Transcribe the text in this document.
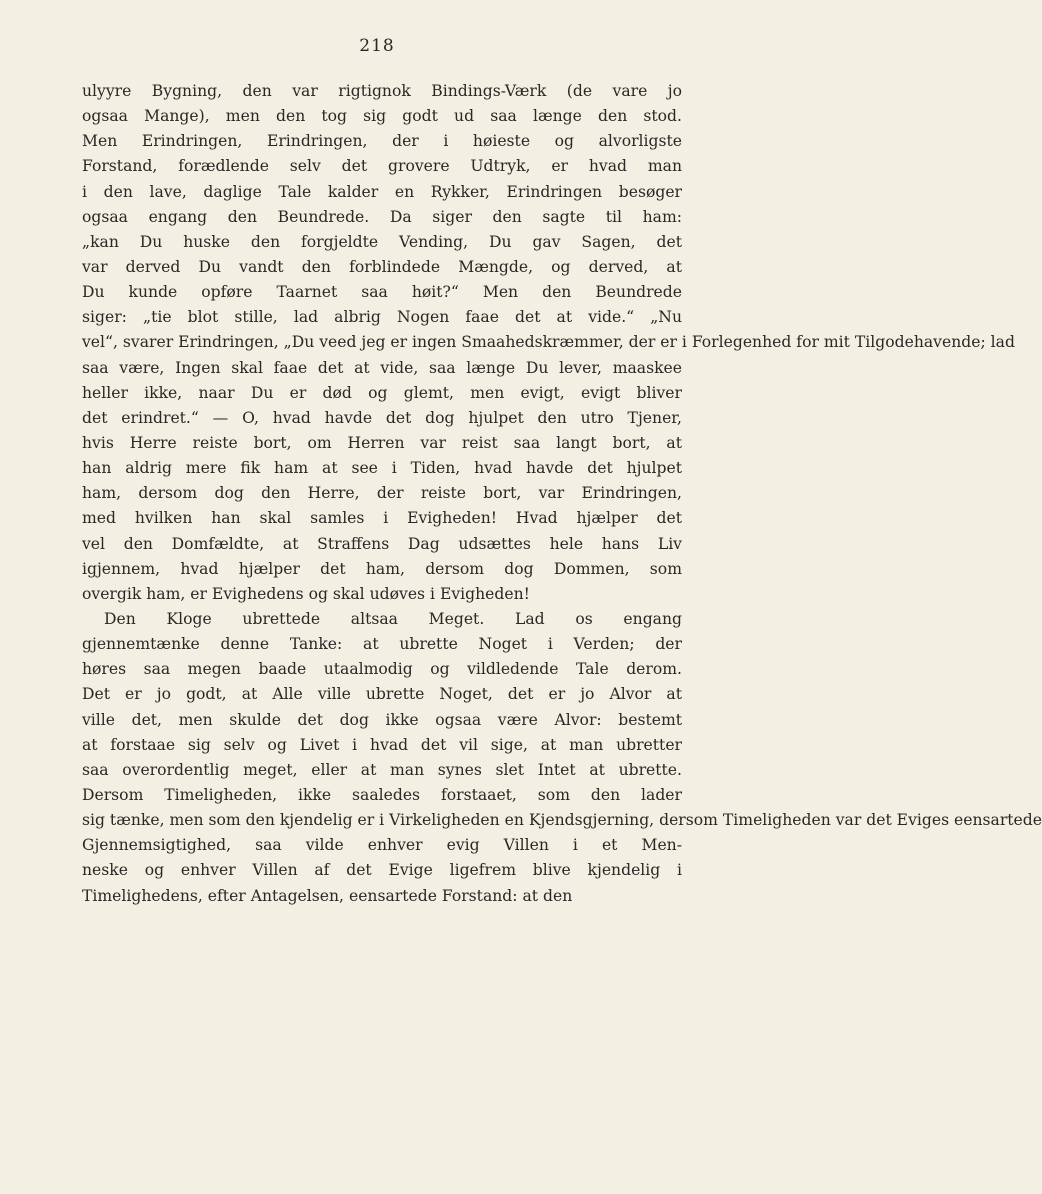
218
ulyyre Bygning, den var rigtignok Bindings-Værk (de vare jo
ogsaa Mange), men den tog sig godt ud saa længe den stod.
Men Erindringen, Erindringen, der i høieste og alvorligste
Forstand, forædlende selv det grovere Udtryk, er hvad man
i den lave, daglige Tale kalder en Rykker, Erindringen besøger
ogsaa engang den Beundrede. Da siger den sagte til ham:
„kan Du huske den forgjeldte Vending, Du gav Sagen, det
var derved Du vandt den forblindede Mængde, og derved, at
Du kunde opføre Taarnet saa høit?“ Men den Beundrede
siger: „tie blot stille, lad albrig Nogen faae det at vide.“ „Nu
vel“, svarer Erindringen, „Du veed jeg er ingen Smaahedskræmmer, der er i Forlegenhed for mit Tilgodehavende; lad
saa være, Ingen skal faae det at vide, saa længe Du lever, maaskee
heller ikke, naar Du er død og glemt, men evigt, evigt bliver
det erindret.“ — O, hvad havde det dog hjulpet den utro Tjener,
hvis Herre reiste bort, om Herren var reist saa langt bort, at
han aldrig mere fik ham at see i Tiden, hvad havde det hjulpet
ham, dersom dog den Herre, der reiste bort, var Erindringen,
med hvilken han skal samles i Evigheden! Hvad hjælper det
vel den Domfældte, at Straffens Dag udsættes hele hans Liv
igjennem, hvad hjælper det ham, dersom dog Dommen, som
overgik ham, er Evighedens og skal udøves i Evigheden!
Den Kloge ubrettede altsaa Meget. Lad os engang
gjennemtænke denne Tanke: at ubrette Noget i Verden; der
høres saa megen baade utaalmodig og vildledende Tale derom.
Det er jo godt, at Alle ville ubrette Noget, det er jo Alvor at
ville det, men skulde det dog ikke ogsaa være Alvor: bestemt
at forstaae sig selv og Livet i hvad det vil sige, at man ubretter
saa overordentlig meget, eller at man synes slet Intet at ubrette.
Dersom Timeligheden, ikke saaledes forstaaet, som den lader
sig tænke, men som den kjendelig er i Virkeligheden en Kjendsgjerning, dersom Timeligheden var det Eviges eensartede
Gjennemsigtighed, saa vilde enhver evig Villen i et Men-
neske og enhver Villen af det Evige ligefrem blive kjendelig i
Timelighedens, efter Antagelsen, eensartede Forstand: at den
